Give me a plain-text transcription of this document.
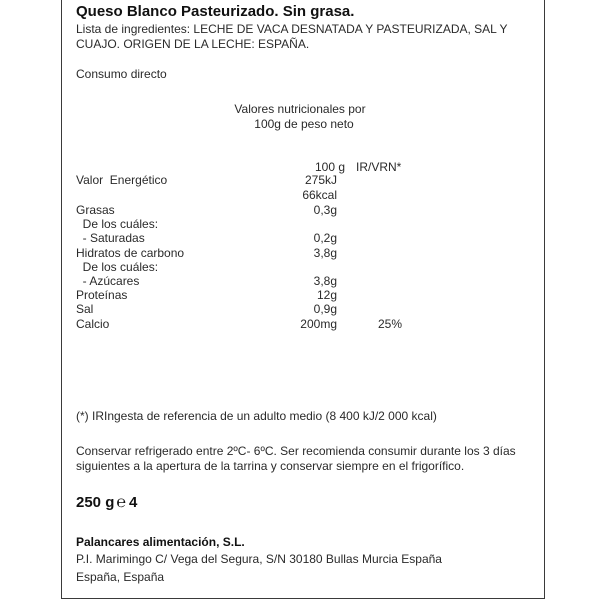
Queso Blanco Pasteurizado. Sin grasa.
Lista de ingredientes: LECHE DE VACA DESNATADA Y PASTEURIZADA, SAL Y
CUAJO. ORIGEN DE LA LECHE: ESPAÑA.
Consumo directo
Valores nutricionales por
100g de peso neto
100 g IR/VRN*
Valor  Energético	275kJ
66kcal
Grasas	0,3g
De los cuáles:
- Saturadas	0,2g
Hidratos de carbono	3,8g
De los cuáles:
- Azúcares	3,8g
Proteínas	12g
Sal	0,9g
Calcio	200mg	25%
(*) IRIngesta de referencia de un adulto medio (8 400 kJ/2 000 kcal)
Conservar refrigerado entre 2ºC- 6ºC. Ser recomienda consumir durante los 3 días
siguientes a la apertura de la tarrina y conservar siempre en el frigorífico.
250 g ℮ 4
Palancares alimentación, S.L.
P.I. Marimingo C/ Vega del Segura, S/N 30180 Bullas Murcia España
España, España
